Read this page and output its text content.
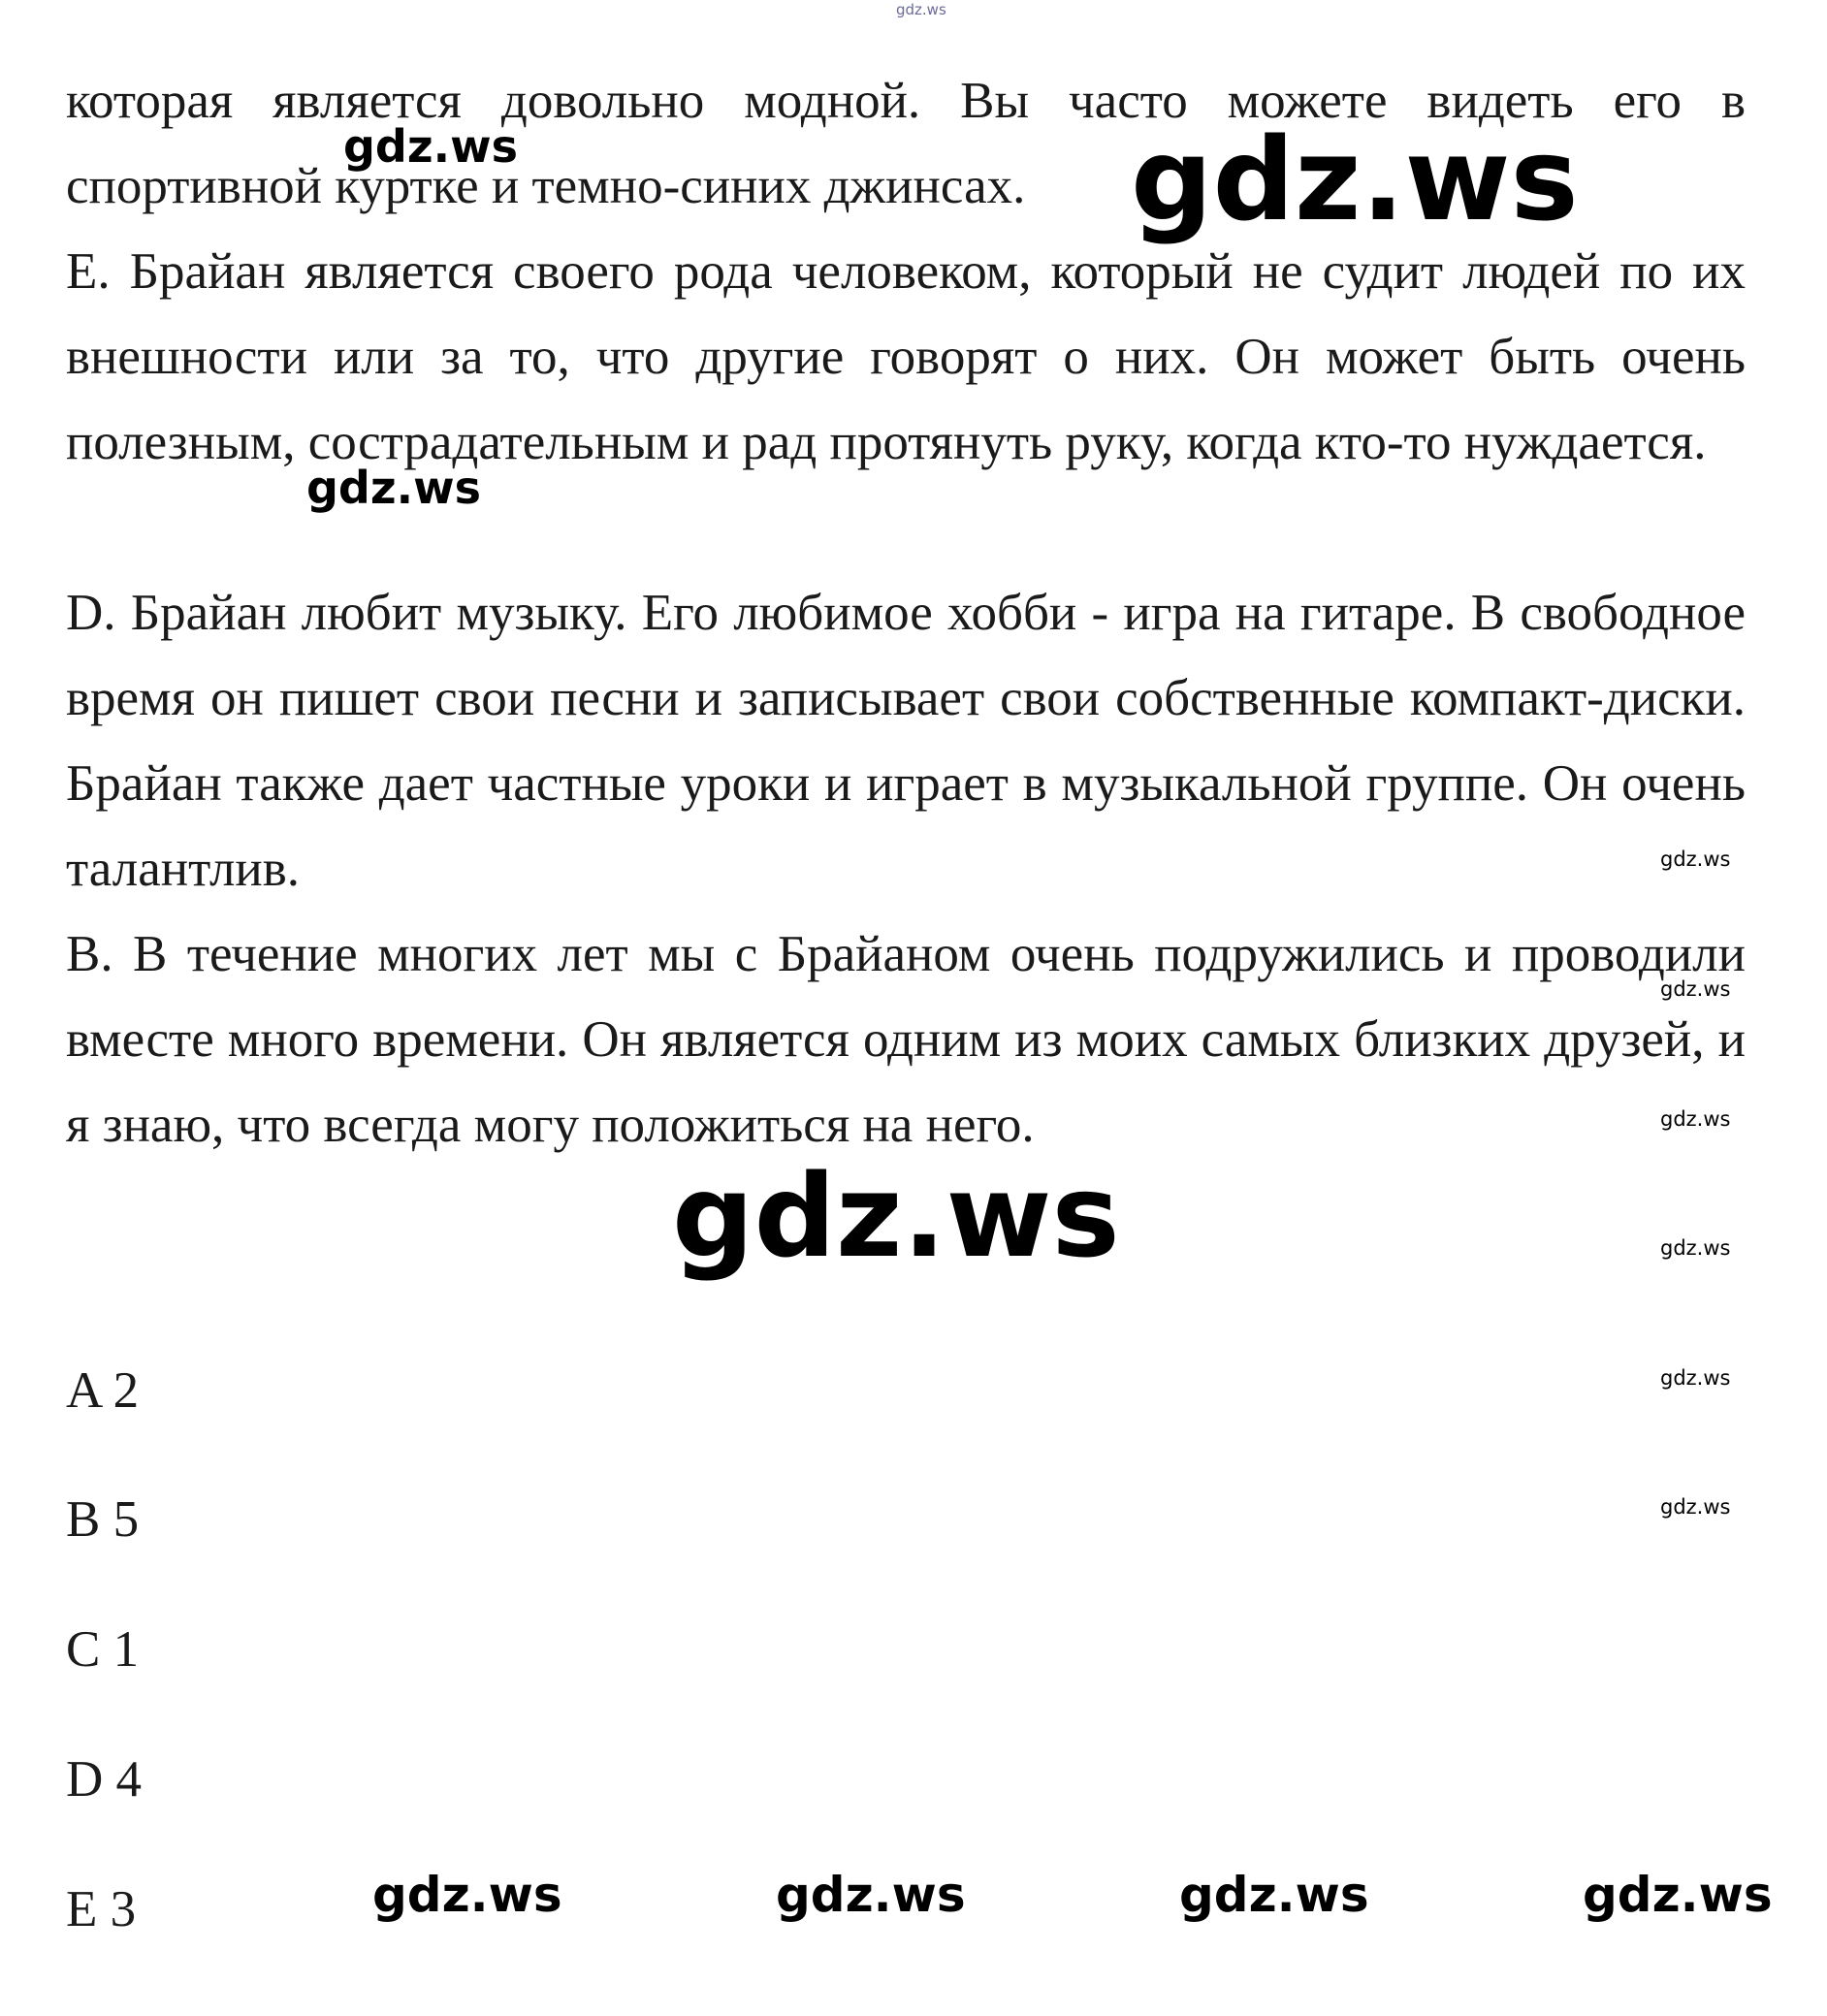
которая является довольно модной. Вы часто можете видеть его в спортивной куртке и темно-синих джинсах.

E. Брайан является своего рода человеком, который не судит людей по их внешности или за то, что другие говорят о них. Он может быть очень полезным, сострадательным и рад протянуть руку, когда кто-то нуждается.

D. Брайан любит музыку. Его любимое хобби - игра на гитаре. В свободное время он пишет свои песни и записывает свои собственные компакт-диски. Брайан также дает частные уроки и играет в музыкальной группе. Он очень талантлив.

B. В течение многих лет мы с Брайаном очень подружились и проводили вместе много времени. Он является одним из моих самых близких друзей, и я знаю, что всегда могу положиться на него.

A 2
B 5
C 1
D 4
E 3
gdz.ws
gdz.ws	gdz.ws
gdz.ws
gdz.ws
gdz.ws
gdz.ws
gdz.ws
gdz.ws
gdz.ws
gdz.ws
gdz.ws	gdz.ws	gdz.ws	gdz.ws
